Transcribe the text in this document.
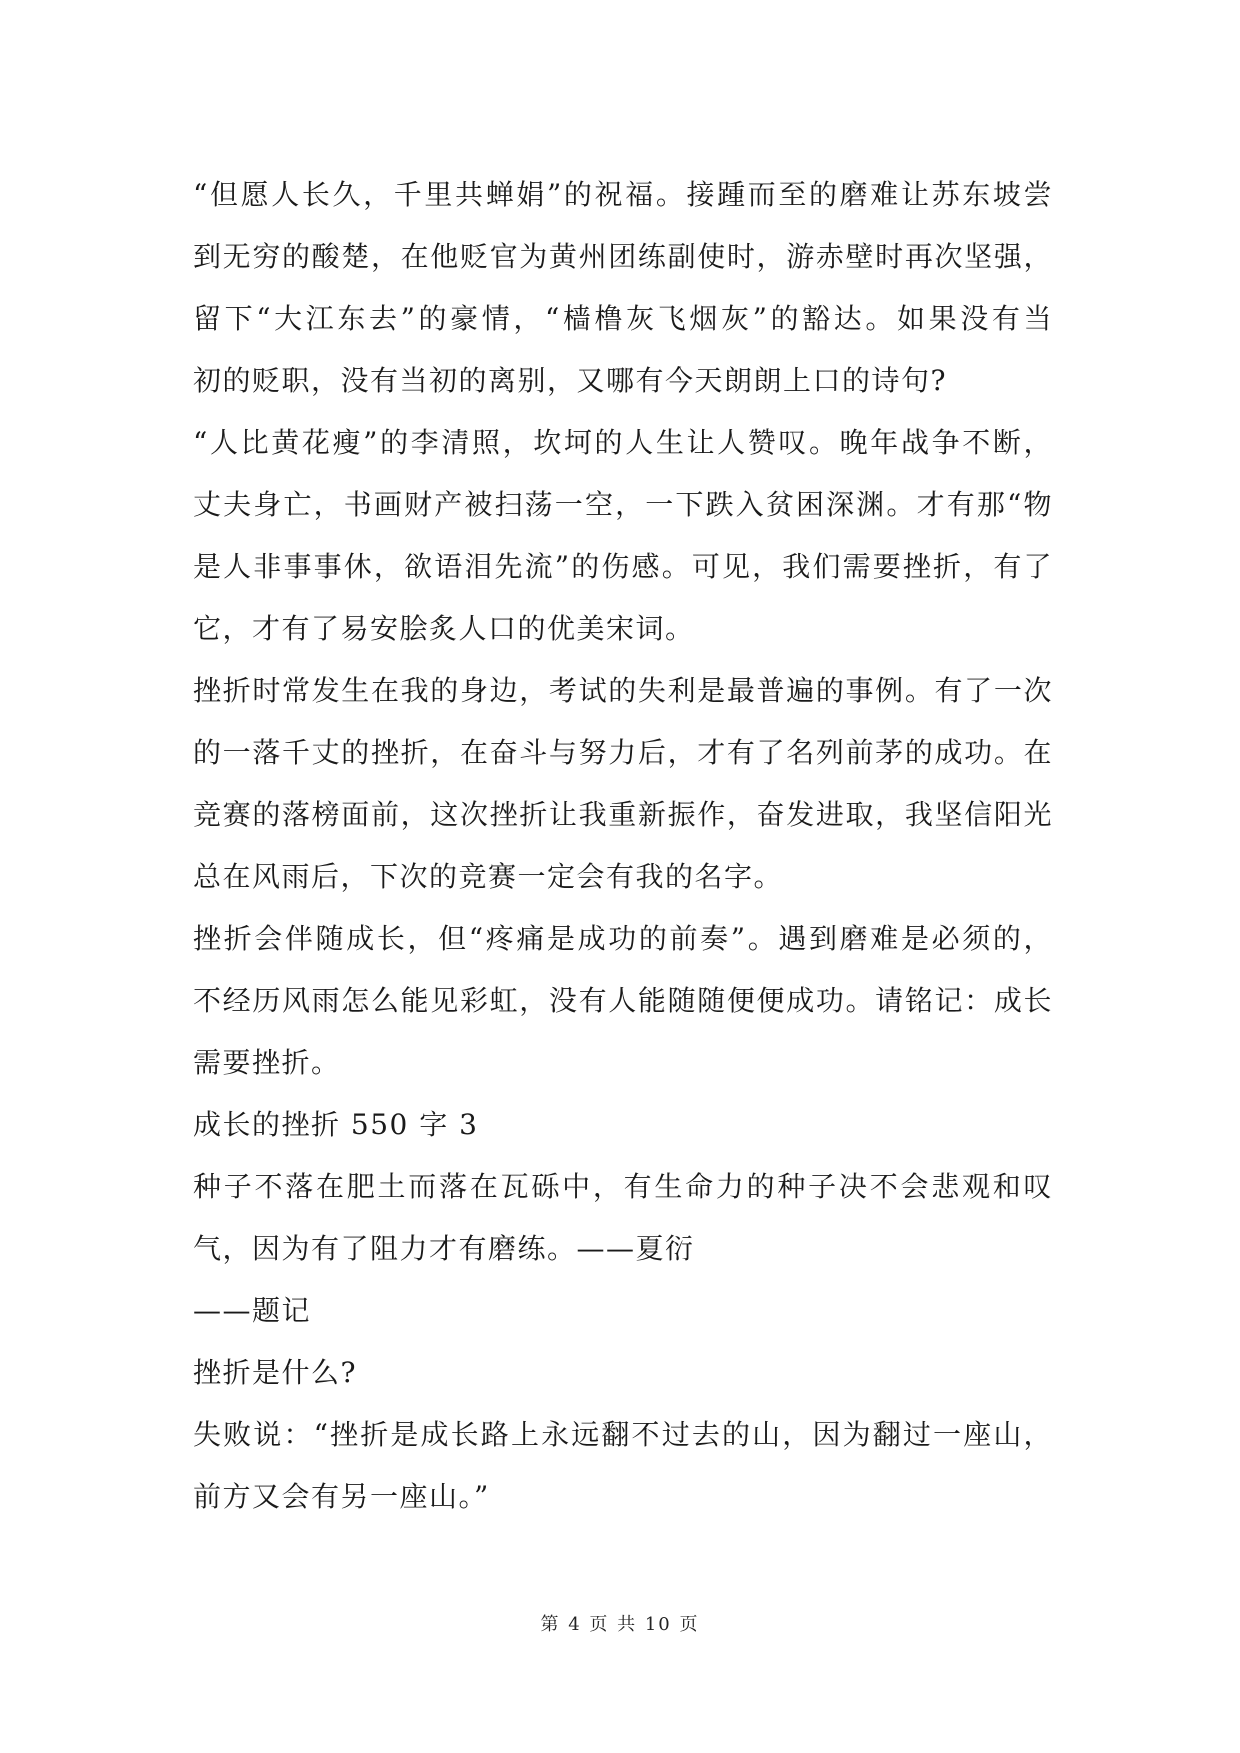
“但愿人长久，千里共蝉娟”的祝福。接踵而至的磨难让苏东坡尝
到无穷的酸楚，在他贬官为黄州团练副使时，游赤壁时再次坚强，
留下“大江东去”的豪情，“樯橹灰飞烟灰”的豁达。如果没有当
初的贬职，没有当初的离别，又哪有今天朗朗上口的诗句?
“人比黄花瘦”的李清照，坎坷的人生让人赞叹。晚年战争不断，
丈夫身亡，书画财产被扫荡一空，一下跌入贫困深渊。才有那“物
是人非事事休，欲语泪先流”的伤感。可见，我们需要挫折，有了
它，才有了易安脍炙人口的优美宋词。
挫折时常发生在我的身边，考试的失利是最普遍的事例。有了一次
的一落千丈的挫折，在奋斗与努力后，才有了名列前茅的成功。在
竞赛的落榜面前，这次挫折让我重新振作，奋发进取，我坚信阳光
总在风雨后，下次的竞赛一定会有我的名字。
挫折会伴随成长，但“疼痛是成功的前奏”。遇到磨难是必须的，
不经历风雨怎么能见彩虹，没有人能随随便便成功。请铭记：成长
需要挫折。
成长的挫折 550 字 3
种子不落在肥土而落在瓦砾中，有生命力的种子决不会悲观和叹
气，因为有了阻力才有磨练。——夏衍
——题记
挫折是什么?
失败说：“挫折是成长路上永远翻不过去的山，因为翻过一座山，
前方又会有另一座山。”
第 4 页 共 10 页
